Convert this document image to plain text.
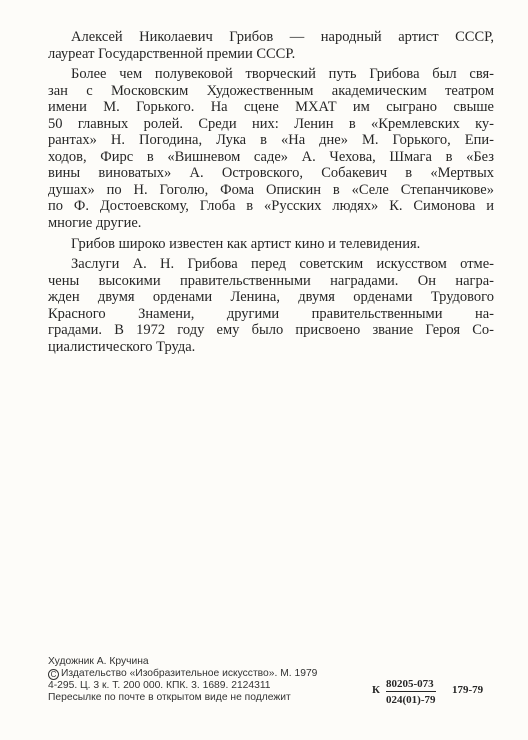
Алексей Николаевич Грибов — народный артист СССР,
лауреат Государственной премии СССР.

Более чем полувековой творческий путь Грибова был свя-
зан с Московским Художественным академическим театром
имени М. Горького. На сцене МХАТ им сыграно свыше
50 главных ролей. Среди них: Ленин в «Кремлевских ку-
рантах» Н. Погодина, Лука в «На дне» М. Горького, Епи-
ходов, Фирс в «Вишневом саде» А. Чехова, Шмага в «Без
вины виноватых» А. Островского, Собакевич в «Мертвых
душах» по Н. Гоголю, Фома Опискин в «Селе Степанчикове»
по Ф. Достоевскому, Глоба в «Русских людях» К. Симонова и
многие другие.

Грибов широко известен как артист кино и телевидения.

Заслуги А. Н. Грибова перед советским искусством отме-
чены высокими правительственными наградами. Он награ-
жден двумя орденами Ленина, двумя орденами Трудового
Красного Знамени, другими правительственными на-
градами. В 1972 году ему было присвоено звание Героя Со-
циалистического Труда.

Художник А. Кручина
C Издательство «Изобразительное искусство». М. 1979
4-295. Ц. 3 к. Т. 200 000. КПК. 3. 1689. 2124311
Пересылке по почте в открытом виде не подлежит
К $\frac{80205-073}{024(01)-79} 179-79$
